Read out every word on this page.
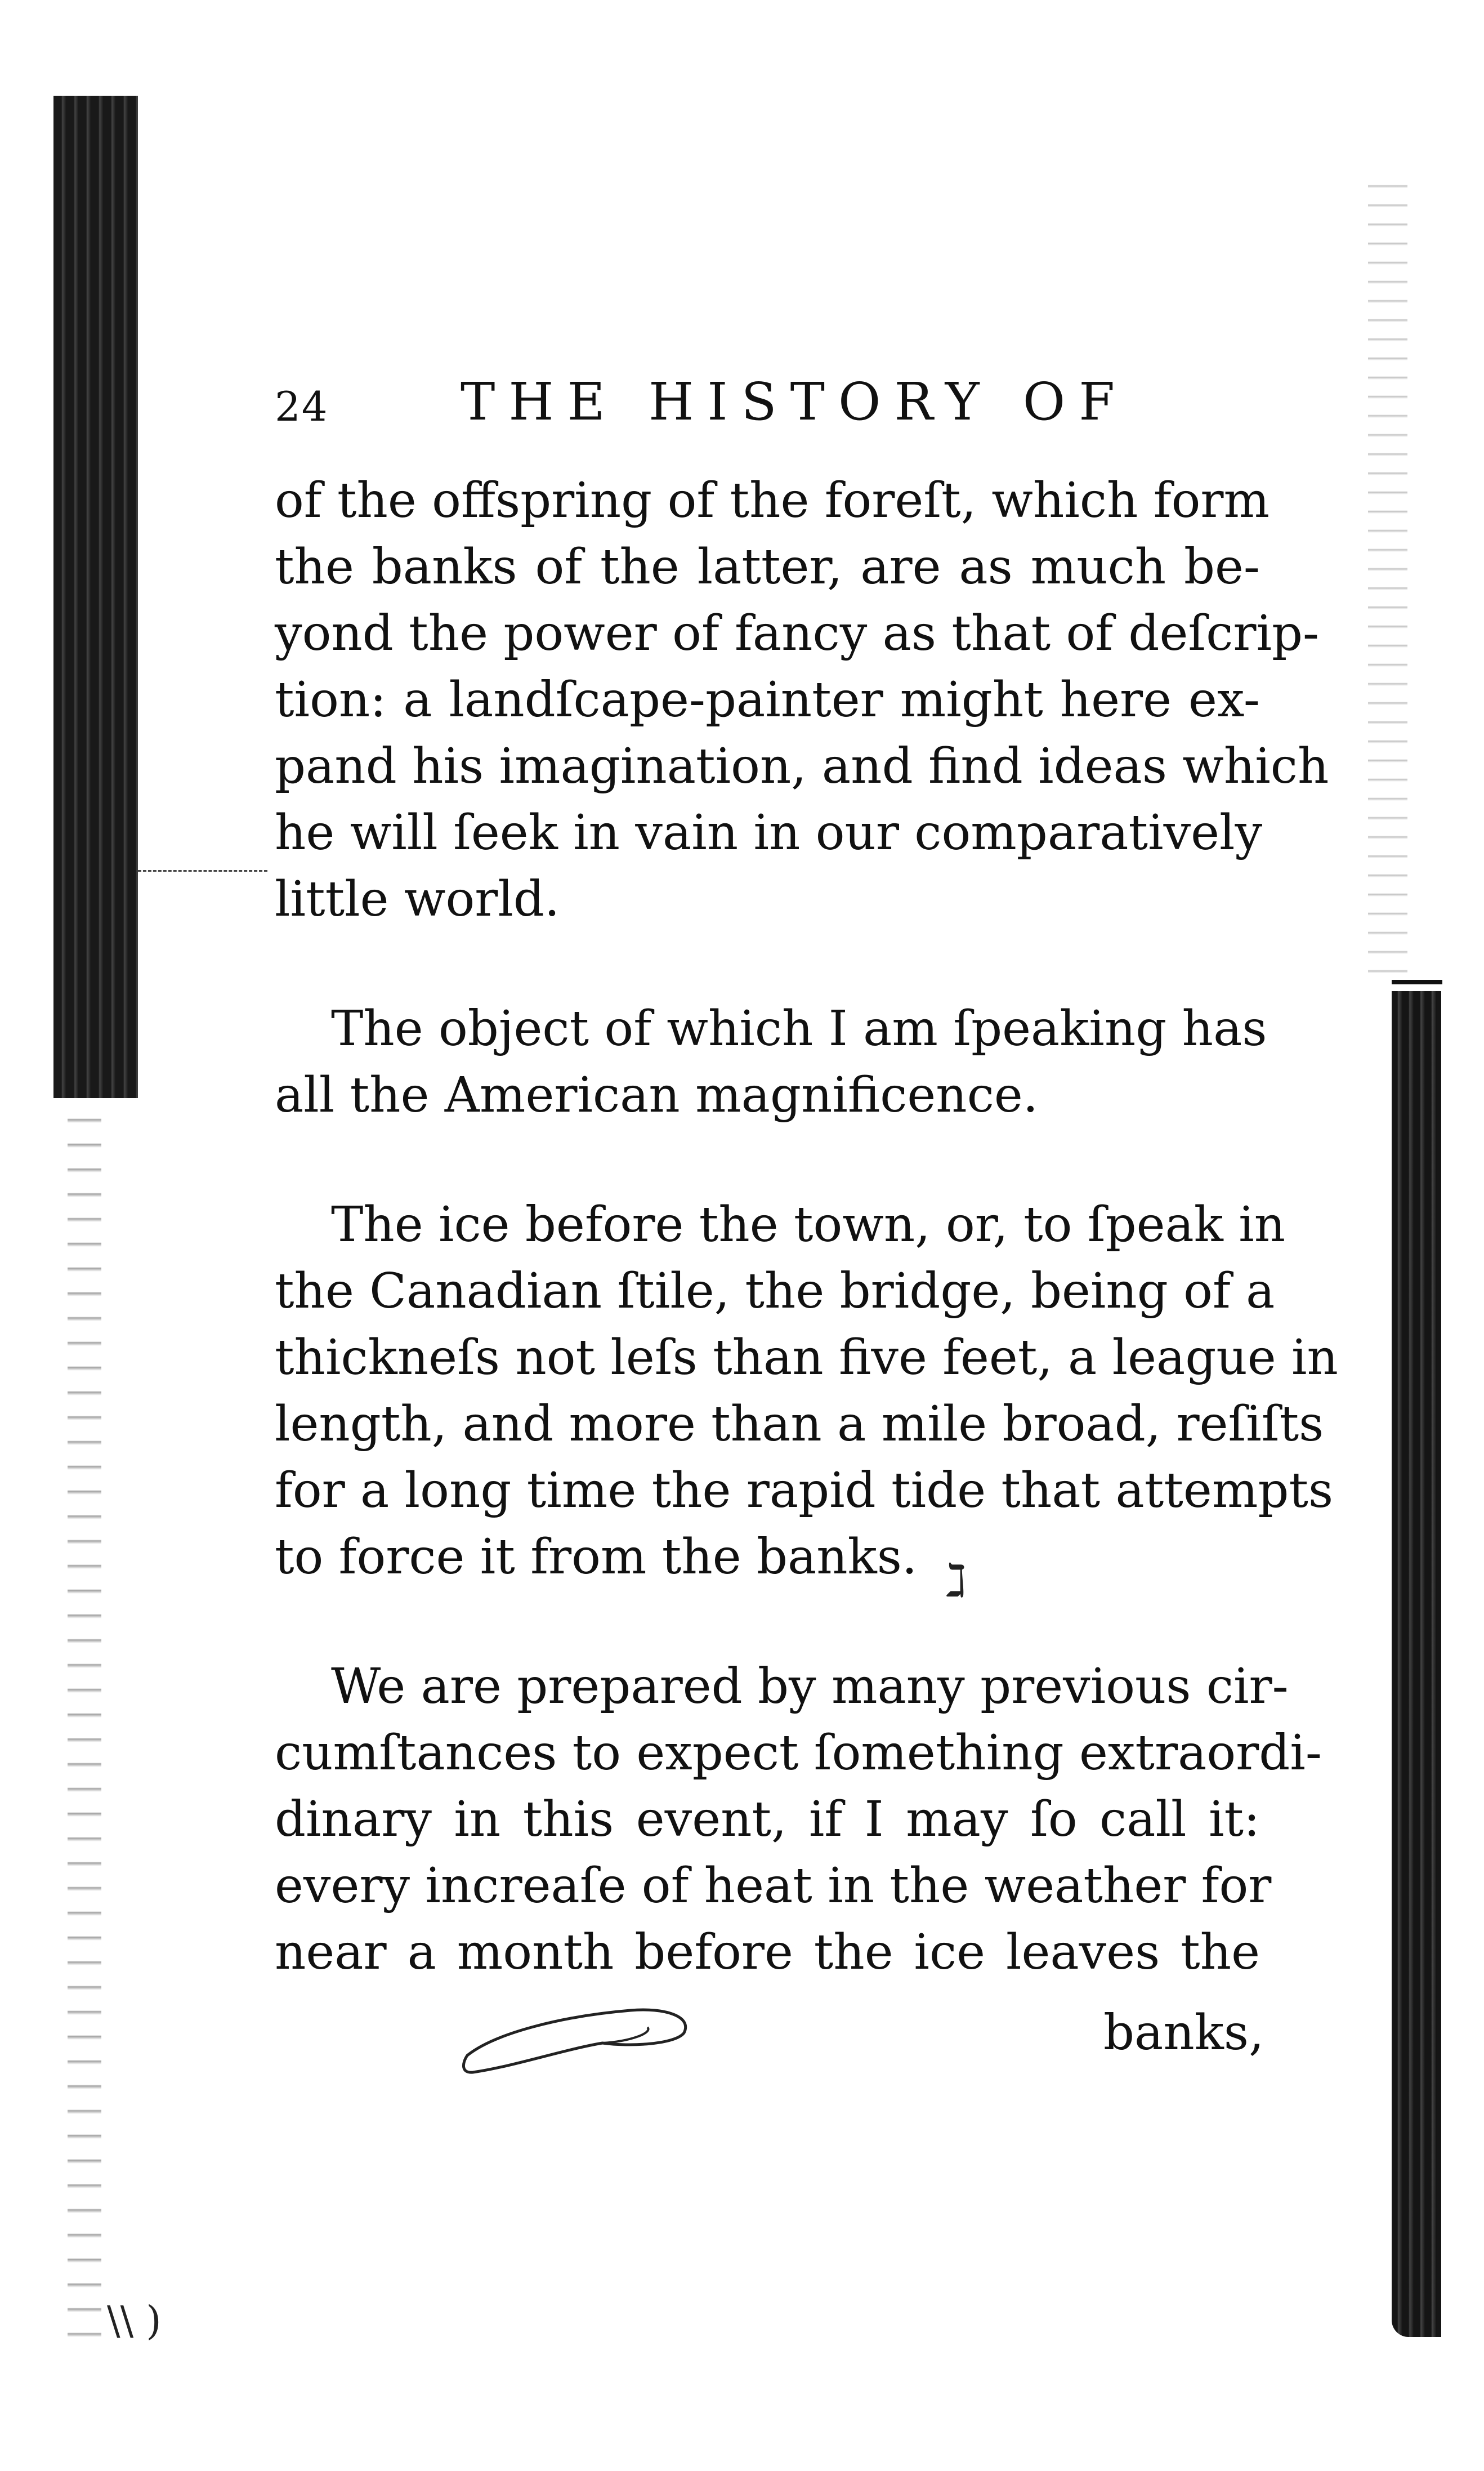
24	THE HISTORY OF

of the offspring of the foreſt, which form
the banks of the latter, are as much be-
yond the power of fancy as that of deſcrip-
tion: a landſcape-painter might here ex-
pand his imagination, and find ideas which
he will ſeek in vain in our comparatively
little world.

The object of which I am ſpeaking has
all the American magnificence.

The ice before the town, or, to ſpeak in
the Canadian ſtile, the bridge, being of a
thickneſs not leſs than five feet, a league in
length, and more than a mile broad, reſiſts
for a long time the rapid tide that attempts
to force it from the banks.

We are prepared by many previous cir-
cumſtances to expect ſomething extraordi-
dinary in this event, if I may ſo call it:
every increaſe of heat in the weather for
near a month before the ice leaves the

banks,
ℷ
\\ )
